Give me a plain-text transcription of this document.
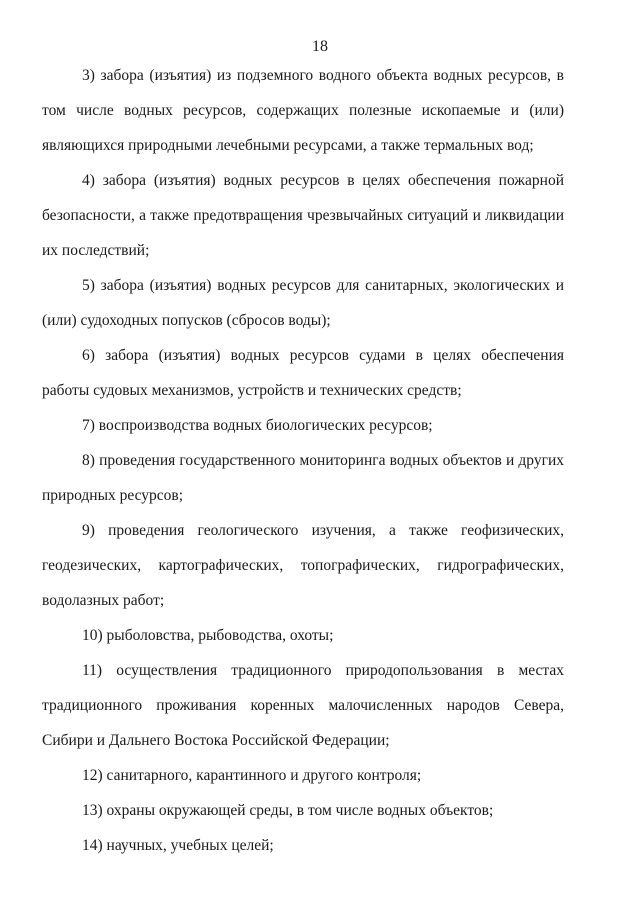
18

3) забора (изъятия) из подземного водного объекта водных ресурсов, в том числе водных ресурсов, содержащих полезные ископаемые и (или) являющихся природными лечебными ресурсами, а также термальных вод;

4) забора (изъятия) водных ресурсов в целях обеспечения пожарной безопасности, а также предотвращения чрезвычайных ситуаций и ликвидации их последствий;

5) забора (изъятия) водных ресурсов для санитарных, экологических и (или) судоходных попусков (сбросов воды);

6) забора (изъятия) водных ресурсов судами в целях обеспечения работы судовых механизмов, устройств и технических средств;

7) воспроизводства водных биологических ресурсов;

8) проведения государственного мониторинга водных объектов и других природных ресурсов;

9) проведения геологического изучения, а также геофизических, геодезических, картографических, топографических, гидрографических, водолазных работ;

10) рыболовства, рыбоводства, охоты;

11) осуществления традиционного природопользования в местах традиционного проживания коренных малочисленных народов Севера, Сибири и Дальнего Востока Российской Федерации;

12) санитарного, карантинного и другого контроля;

13) охраны окружающей среды, в том числе водных объектов;

14) научных, учебных целей;
